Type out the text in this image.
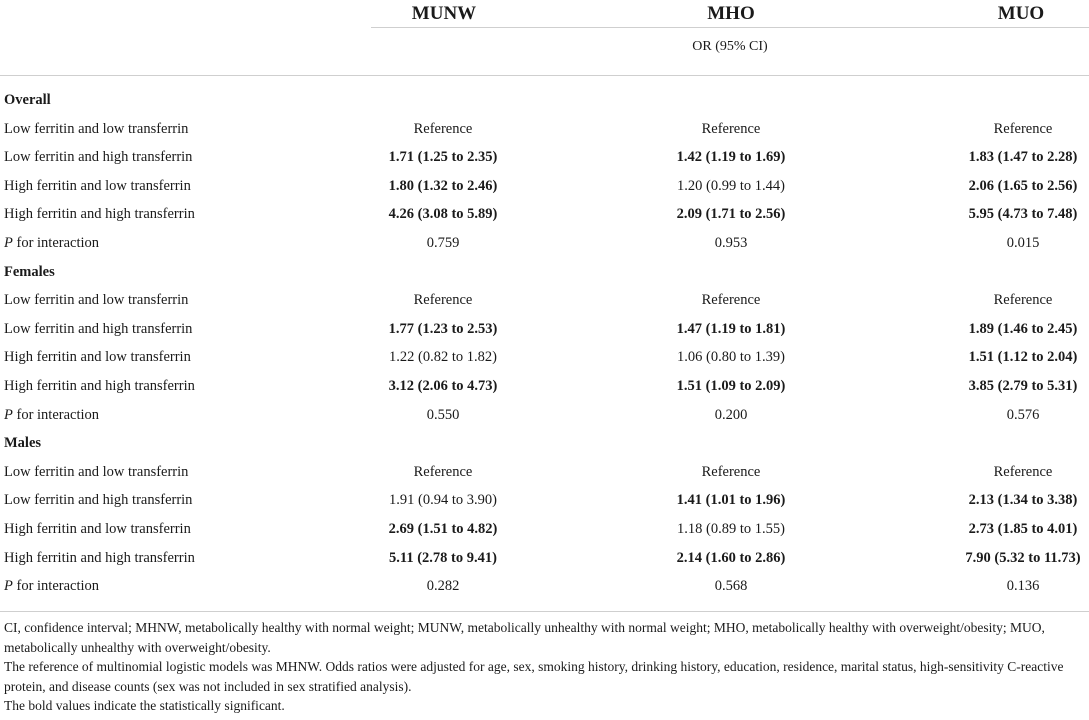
MUNW	MHO	MUO
OR (95% CI)
Overall
Low ferritin and low transferrin	Reference	Reference	Reference
Low ferritin and high transferrin	1.71 (1.25 to 2.35)	1.42 (1.19 to 1.69)	1.83 (1.47 to 2.28)
High ferritin and low transferrin	1.80 (1.32 to 2.46)	1.20 (0.99 to 1.44)	2.06 (1.65 to 2.56)
High ferritin and high transferrin	4.26 (3.08 to 5.89)	2.09 (1.71 to 2.56)	5.95 (4.73 to 7.48)
P for interaction	0.759	0.953	0.015
Females
Low ferritin and low transferrin	Reference	Reference	Reference
Low ferritin and high transferrin	1.77 (1.23 to 2.53)	1.47 (1.19 to 1.81)	1.89 (1.46 to 2.45)
High ferritin and low transferrin	1.22 (0.82 to 1.82)	1.06 (0.80 to 1.39)	1.51 (1.12 to 2.04)
High ferritin and high transferrin	3.12 (2.06 to 4.73)	1.51 (1.09 to 2.09)	3.85 (2.79 to 5.31)
P for interaction	0.550	0.200	0.576
Males
Low ferritin and low transferrin	Reference	Reference	Reference
Low ferritin and high transferrin	1.91 (0.94 to 3.90)	1.41 (1.01 to 1.96)	2.13 (1.34 to 3.38)
High ferritin and low transferrin	2.69 (1.51 to 4.82)	1.18 (0.89 to 1.55)	2.73 (1.85 to 4.01)
High ferritin and high transferrin	5.11 (2.78 to 9.41)	2.14 (1.60 to 2.86)	7.90 (5.32 to 11.73)
P for interaction	0.282	0.568	0.136

CI, confidence interval; MHNW, metabolically healthy with normal weight; MUNW, metabolically unhealthy with normal weight; MHO, metabolically healthy with overweight/obesity; MUO, metabolically unhealthy with overweight/obesity.

The reference of multinomial logistic models was MHNW. Odds ratios were adjusted for age, sex, smoking history, drinking history, education, residence, marital status, high-sensitivity C-reactive protein, and disease counts (sex was not included in sex stratified analysis).

The bold values indicate the statistically significant.
